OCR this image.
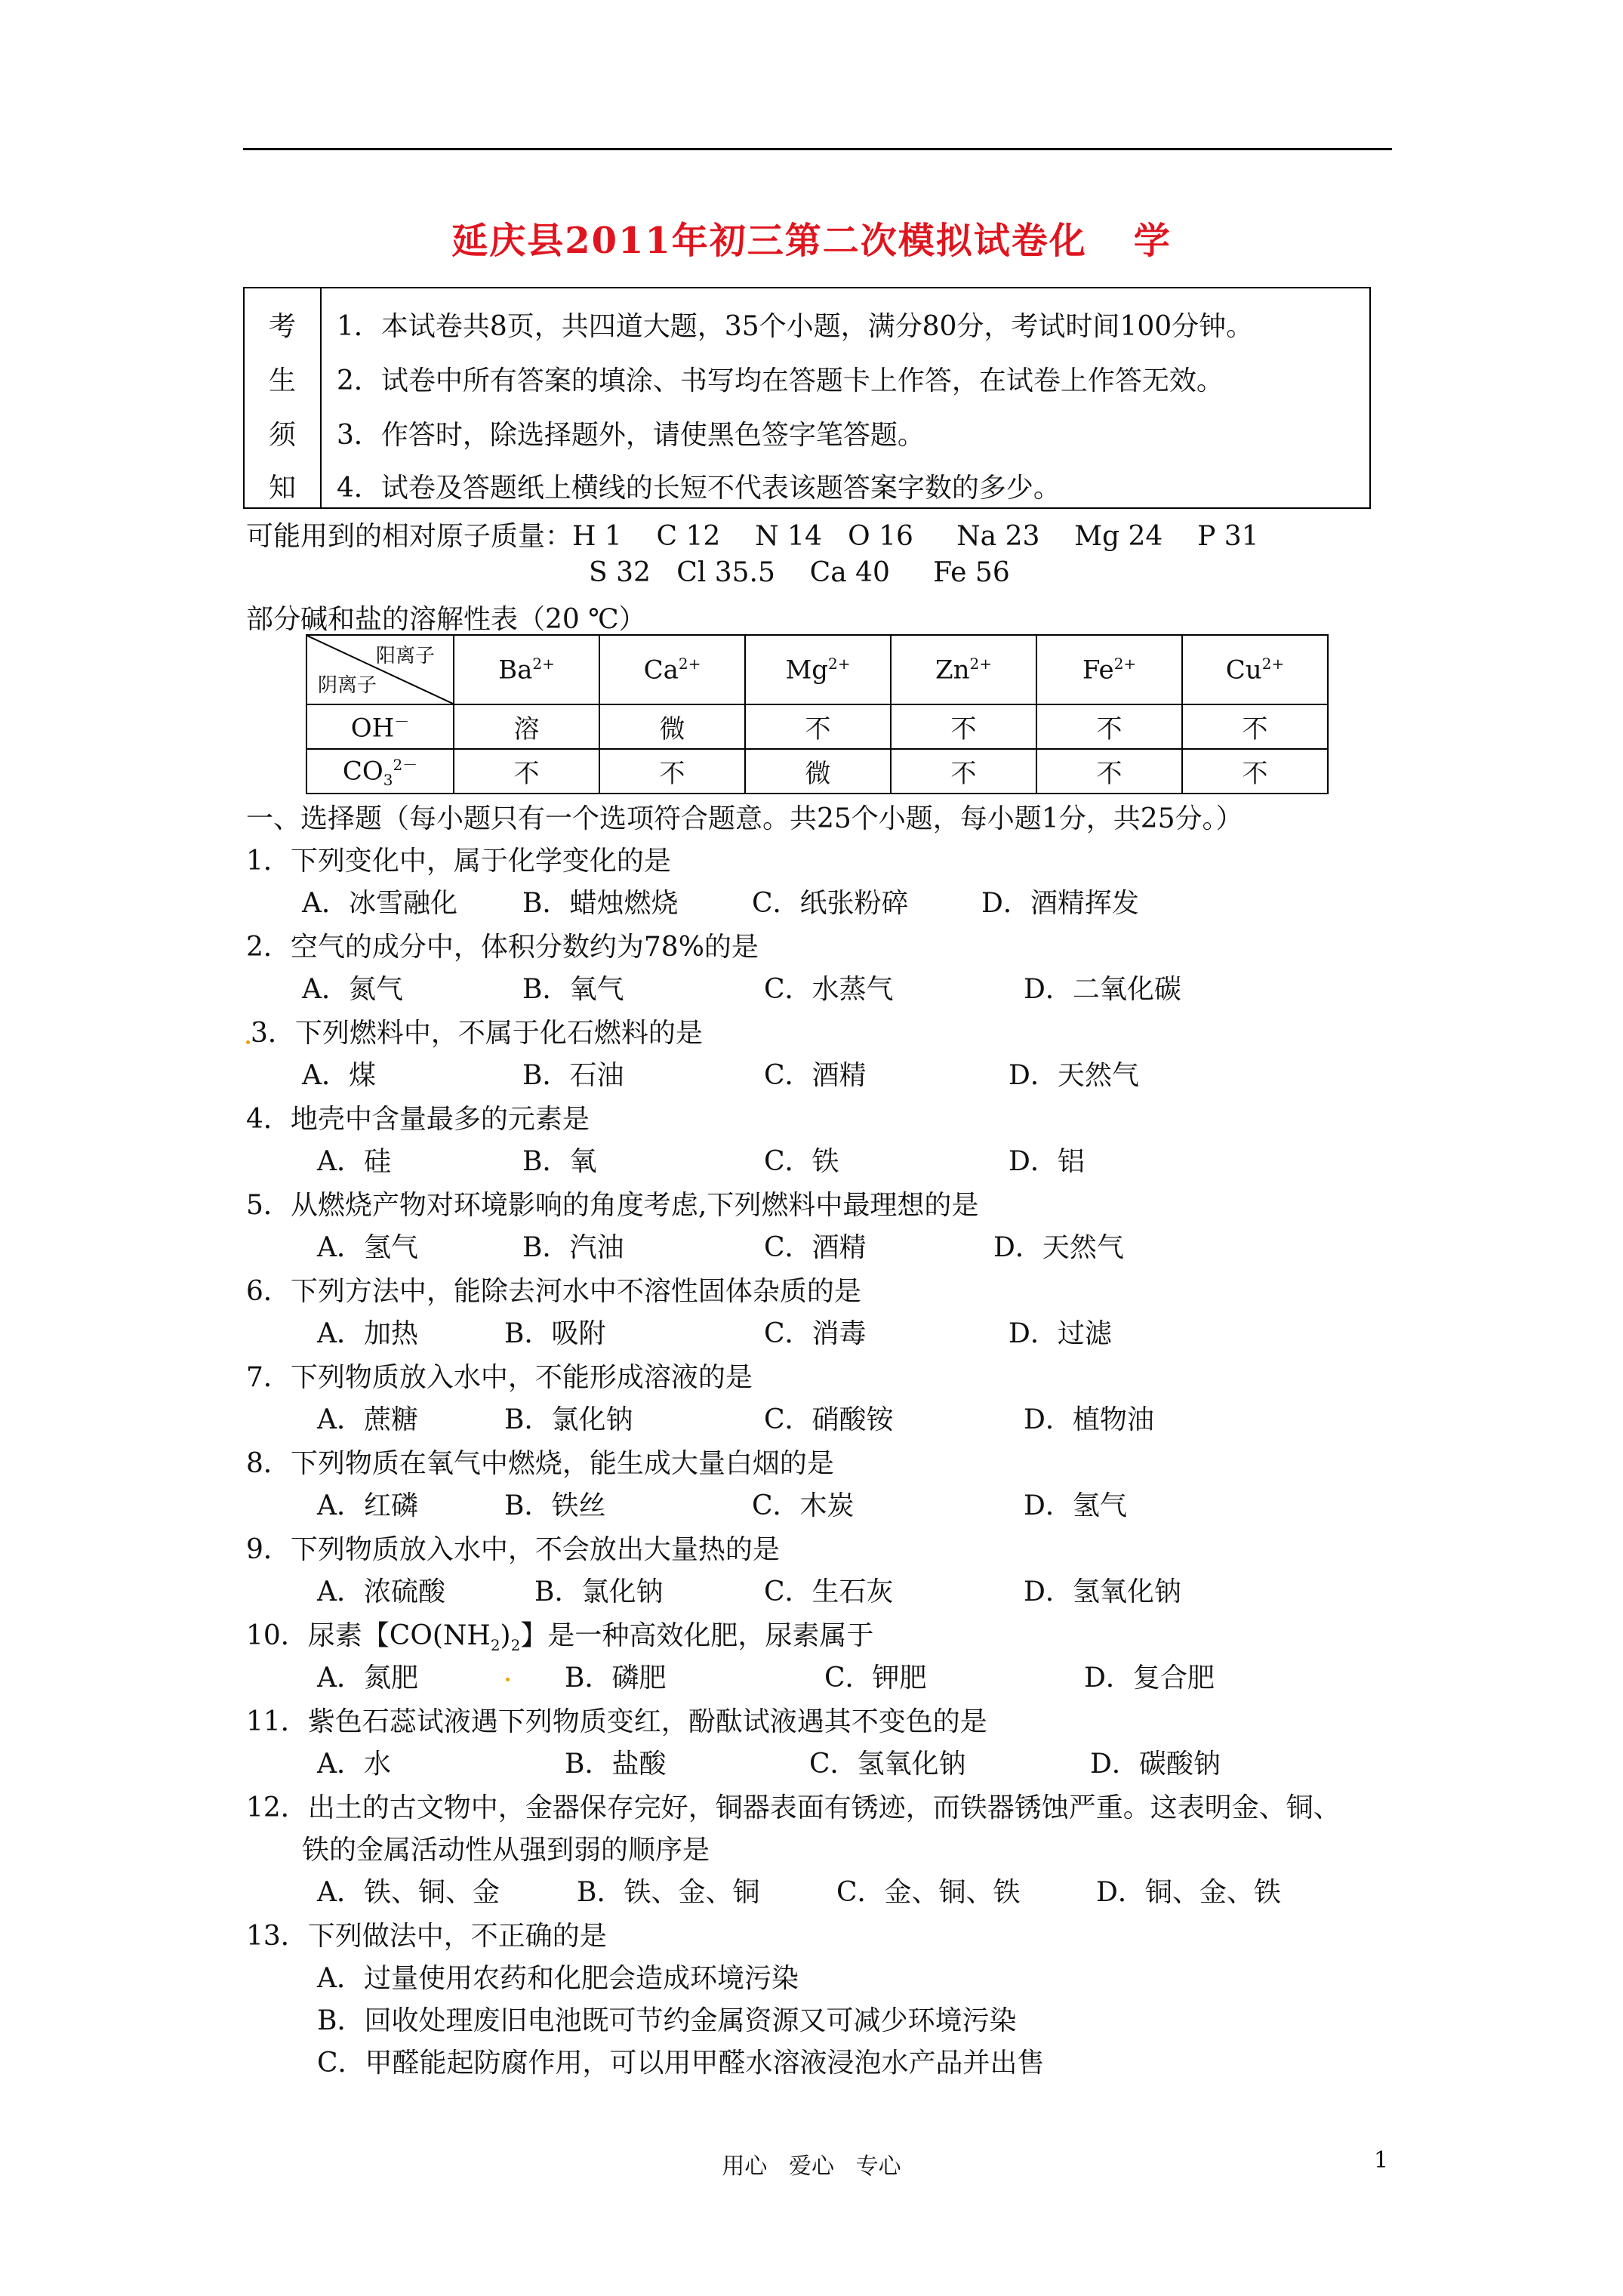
延庆县2011年初三第二次模拟试卷化 学
考
生
须
知
1．本试卷共8页，共四道大题，35个小题，满分80分，考试时间100分钟。
2．试卷中所有答案的填涂、书写均在答题卡上作答，在试卷上作答无效。
3．作答时，除选择题外，请使黑色签字笔答题。
4．试卷及答题纸上横线的长短不代表该题答案字数的多少。
可能用到的相对原子质量：H 1    C 12    N 14   O 16     Na 23    Mg 24    P 31
S 32   Cl 35.5    Ca 40     Fe 56
部分碱和盐的溶解性表（20 ℃）
阳离子
阴离子	$Ba^{2+}$	$Ca^{2+}$	$Mg^{2+}$	$Zn^{2+}$	$Fe^{2+}$	$Cu^{2+}$
OH－	溶	微	不	不	不	不
$CO_3^{2-}$	不	不	微	不	不	不
一、选择题（每小题只有一个选项符合题意。共25个小题，每小题1分，共25分。）
1．下列变化中，属于化学变化的是
A．冰雪融化 B．蜡烛燃烧	C．纸张粉碎	D．酒精挥发
2．空气的成分中，体积分数约为78%的是
A．氮气	B．氧气	C．水蒸气	D．二氧化碳
3．下列燃料中，不属于化石燃料的是
A．煤	B．石油	C．酒精	D．天然气
4．地壳中含量最多的元素是
A．硅	B．氧	C．铁	D．铝
5．从燃烧产物对环境影响的角度考虑,下列燃料中最理想的是
A．氢气	B．汽油	C．酒精	D．天然气
6．下列方法中，能除去河水中不溶性固体杂质的是
A．加热	B．吸附	C．消毒	D．过滤
7．下列物质放入水中，不能形成溶液的是
A．蔗糖	B．氯化钠	C．硝酸铵	D．植物油
8．下列物质在氧气中燃烧，能生成大量白烟的是
A．红磷	B．铁丝	C．木炭	D．氢气
9．下列物质放入水中，不会放出大量热的是
A．浓硫酸	B．氯化钠	C．生石灰	D．氢氧化钠
10．尿素【$CO(NH_2)_2$】是一种高效化肥，尿素属于
A．氮肥	B．磷肥	C．钾肥	D．复合肥
11．紫色石蕊试液遇下列物质变红，酚酞试液遇其不变色的是
A．水	B．盐酸	C．氢氧化钠	D．碳酸钠
12．出土的古文物中，金器保存完好，铜器表面有锈迹，而铁器锈蚀严重。这表明金、铜、
铁的金属活动性从强到弱的顺序是
A．铁、铜、金	B．铁、金、铜	C．金、铜、铁	D．铜、金、铁
13．下列做法中，不正确的是
A．过量使用农药和化肥会造成环境污染
B．回收处理废旧电池既可节约金属资源又可减少环境污染
C．甲醛能起防腐作用，可以用甲醛水溶液浸泡水产品并出售
用心   爱心   专心	1
